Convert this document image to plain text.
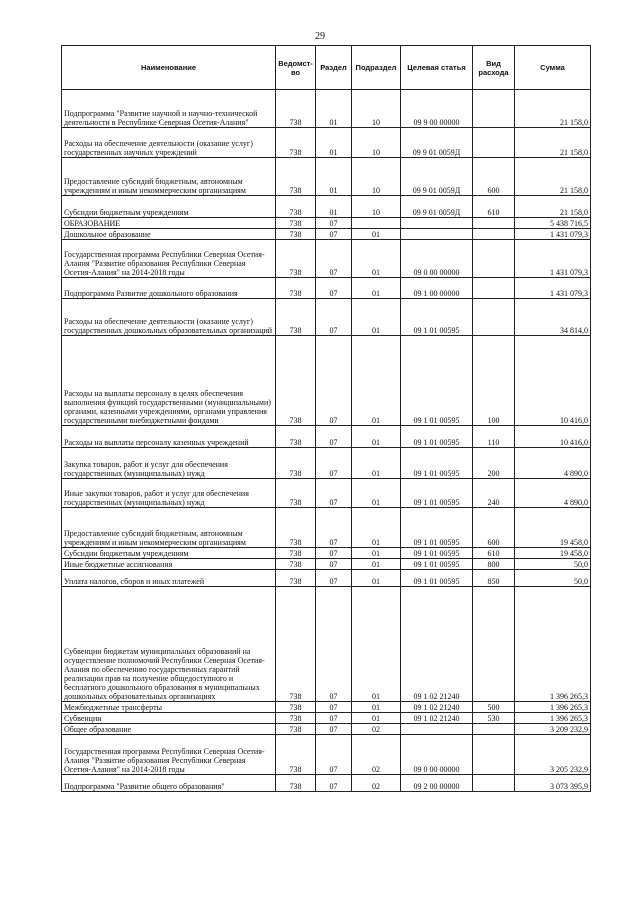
29
Наименование	Ведомст-во	Раздел	Подраздел	Целевая статья	Вид расхода	Сумма
Подпрограмма "Развитие научной и научно-технической деятельности в Республике Северная Осетия-Алания"	738	01	10	09 9 00 00000		21 158,0
Расходы на обеспечение деятельности (оказание услуг) государственных научных учреждений	738	01	10	09 9 01 0059Д		21 158,0
Предоставление субсидий бюджетным, автономным учреждениям и иным некоммерческим организациям	738	01	10	09 9 01 0059Д	600	21 158,0
Субсидии бюджетным учреждениям	738	01	10	09 9 01 0059Д	610	21 158,0
ОБРАЗОВАНИЕ	738	07				5 438 716,5
Дошкольное образование	738	07	01			1 431 079,3
Государственная программа Республики Северная Осетия-Алания "Развитие образования Республики Северная Осетия-Алания" на 2014-2018 годы	738	07	01	09 0 00 00000		1 431 079,3
Подпрограмма Развитие дошкольного образования	738	07	01	09 1 00 00000		1 431 079,3
Расходы на обеспечение деятельности (оказание услуг) государственных дошкольных образовательных организаций	738	07	01	09 1 01 00595		34 814,0
Расходы на выплаты персоналу в целях обеспечения выполнения функций государственными (муниципальными) органами, казенными учреждениями, органами управления государственными внебюджетными фондами	738	07	01	09 1 01 00595	100	10 416,0
Расходы на выплаты персоналу казенных учреждений	738	07	01	09 1 01 00595	110	10 416,0
Закупка товаров, работ и услуг для обеспечения государственных (муниципальных) нужд	738	07	01	09 1 01 00595	200	4 890,0
Иные закупки товаров, работ и услуг для обеспечения государственных (муниципальных) нужд	738	07	01	09 1 01 00595	240	4 890,0
Предоставление субсидий бюджетным, автономным учреждениям и иным некоммерческим организациям	738	07	01	09 1 01 00595	600	19 458,0
Субсидии бюджетным учреждениям	738	07	01	09 1 01 00595	610	19 458,0
Иные бюджетные ассигнования	738	07	01	09 1 01 00595	800	50,0
Уплата налогов, сборов и иных платежей	738	07	01	09 1 01 00595	850	50,0
Субвенции бюджетам муниципальных образований на осуществление полномочий Республики Северная Осетия-Алания по обеспечению государственных гарантий реализации прав на получение общедоступного и бесплатного дошкольного образования в муниципальных дошкольных образовательных организациях	738	07	01	09 1 02 21240		1 396 265,3
Межбюджетные трансферты	738	07	01	09 1 02 21240	500	1 396 265,3
Субвенции	738	07	01	09 1 02 21240	530	1 396 265,3
Общее образование	738	07	02			3 209 232,9
Государственная программа Республики Северная Осетия-Алания "Развитие образования Республики Северная Осетия-Алания" на 2014-2018 годы	738	07	02	09 0 00 00000		3 205 232,9
Подпрограмма "Развитие общего образования"	738	07	02	09 2 00 00000		3 073 395,9
